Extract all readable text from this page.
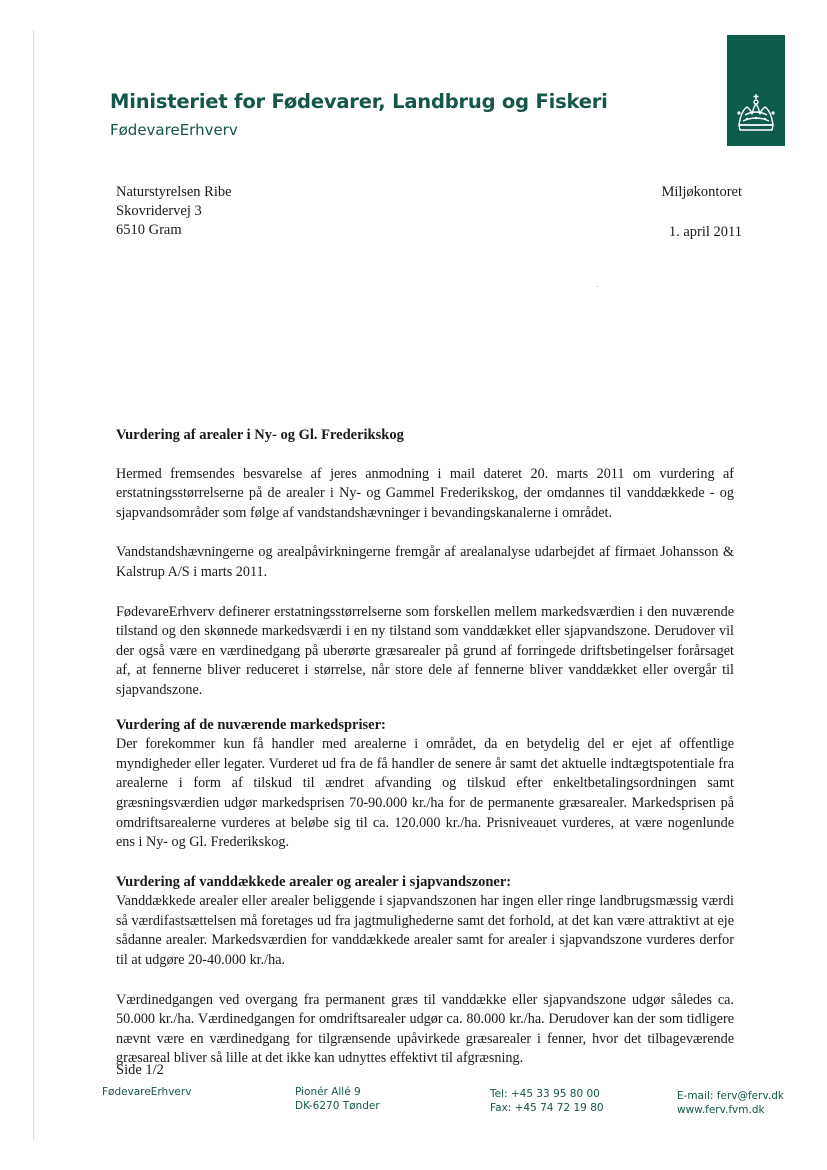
Ministeriet for Fødevarer, Landbrug og Fiskeri
FødevareErhverv
Naturstyrelsen Ribe
Skovridervej 3
6510 Gram
Miljøkontoret
1. april 2011
Vurdering af arealer i Ny- og Gl. Frederikskog

Hermed fremsendes besvarelse af jeres anmodning i mail dateret 20. marts 2011 om vurdering af erstatningsstørrelserne på de arealer i Ny- og Gammel Frederikskog, der omdannes til vanddækkede - og sjapvandsområder som følge af vandstandshævninger i bevandingskanalerne i området.

Vandstandshævningerne og arealpåvirkningerne fremgår af arealanalyse udarbejdet af firmaet Johansson & Kalstrup A/S i marts 2011.

FødevareErhverv definerer erstatningsstørrelserne som forskellen mellem markedsværdien i den nuværende tilstand og den skønnede markedsværdi i en ny tilstand som vanddækket eller sjapvandszone. Derudover vil der også være en værdinedgang på uberørte græsarealer på grund af forringede driftsbetingelser forårsaget af, at fennerne bliver reduceret i størrelse, når store dele af fennerne bliver vanddækket eller overgår til sjapvandszone.

Vurdering af de nuværende markedspriser:

Der forekommer kun få handler med arealerne i området, da en betydelig del er ejet af offentlige myndigheder eller legater. Vurderet ud fra de få handler de senere år samt det aktuelle indtægtspotentiale fra arealerne i form af tilskud til ændret afvanding og tilskud efter enkeltbetalingsordningen samt græsningsværdien udgør markedsprisen 70-90.000 kr./ha for de permanente græsarealer. Markedsprisen på omdriftsarealerne vurderes at beløbe sig til ca. 120.000 kr./ha. Prisniveauet vurderes, at være nogenlunde ens i Ny- og Gl. Frederikskog.

Vurdering af vanddækkede arealer og arealer i sjapvandszoner:

Vanddækkede arealer eller arealer beliggende i sjapvandszonen har ingen eller ringe landbrugsmæssig værdi så værdifastsættelsen må foretages ud fra jagtmulighederne samt det forhold, at det kan være attraktivt at eje sådanne arealer. Markedsværdien for vanddækkede arealer samt for arealer i sjapvandszone vurderes derfor til at udgøre 20-40.000 kr./ha.

Værdinedgangen ved overgang fra permanent græs til vanddække eller sjapvandszone udgør således ca. 50.000 kr./ha. Værdinedgangen for omdriftsarealer udgør ca. 80.000 kr./ha. Derudover kan der som tidligere nævnt være en værdinedgang for tilgrænsende upåvirkede græsarealer i fenner, hvor det tilbageværende græsareal bliver så lille at det ikke kan udnyttes effektivt til afgræsning.

Side 1/2
FødevareErhverv	Pionér Allé 9
DK-6270 Tønder
Tel: +45 33 95 80 00
Fax: +45 74 72 19 80
E-mail: ferv@ferv.dk
www.ferv.fvm.dk
